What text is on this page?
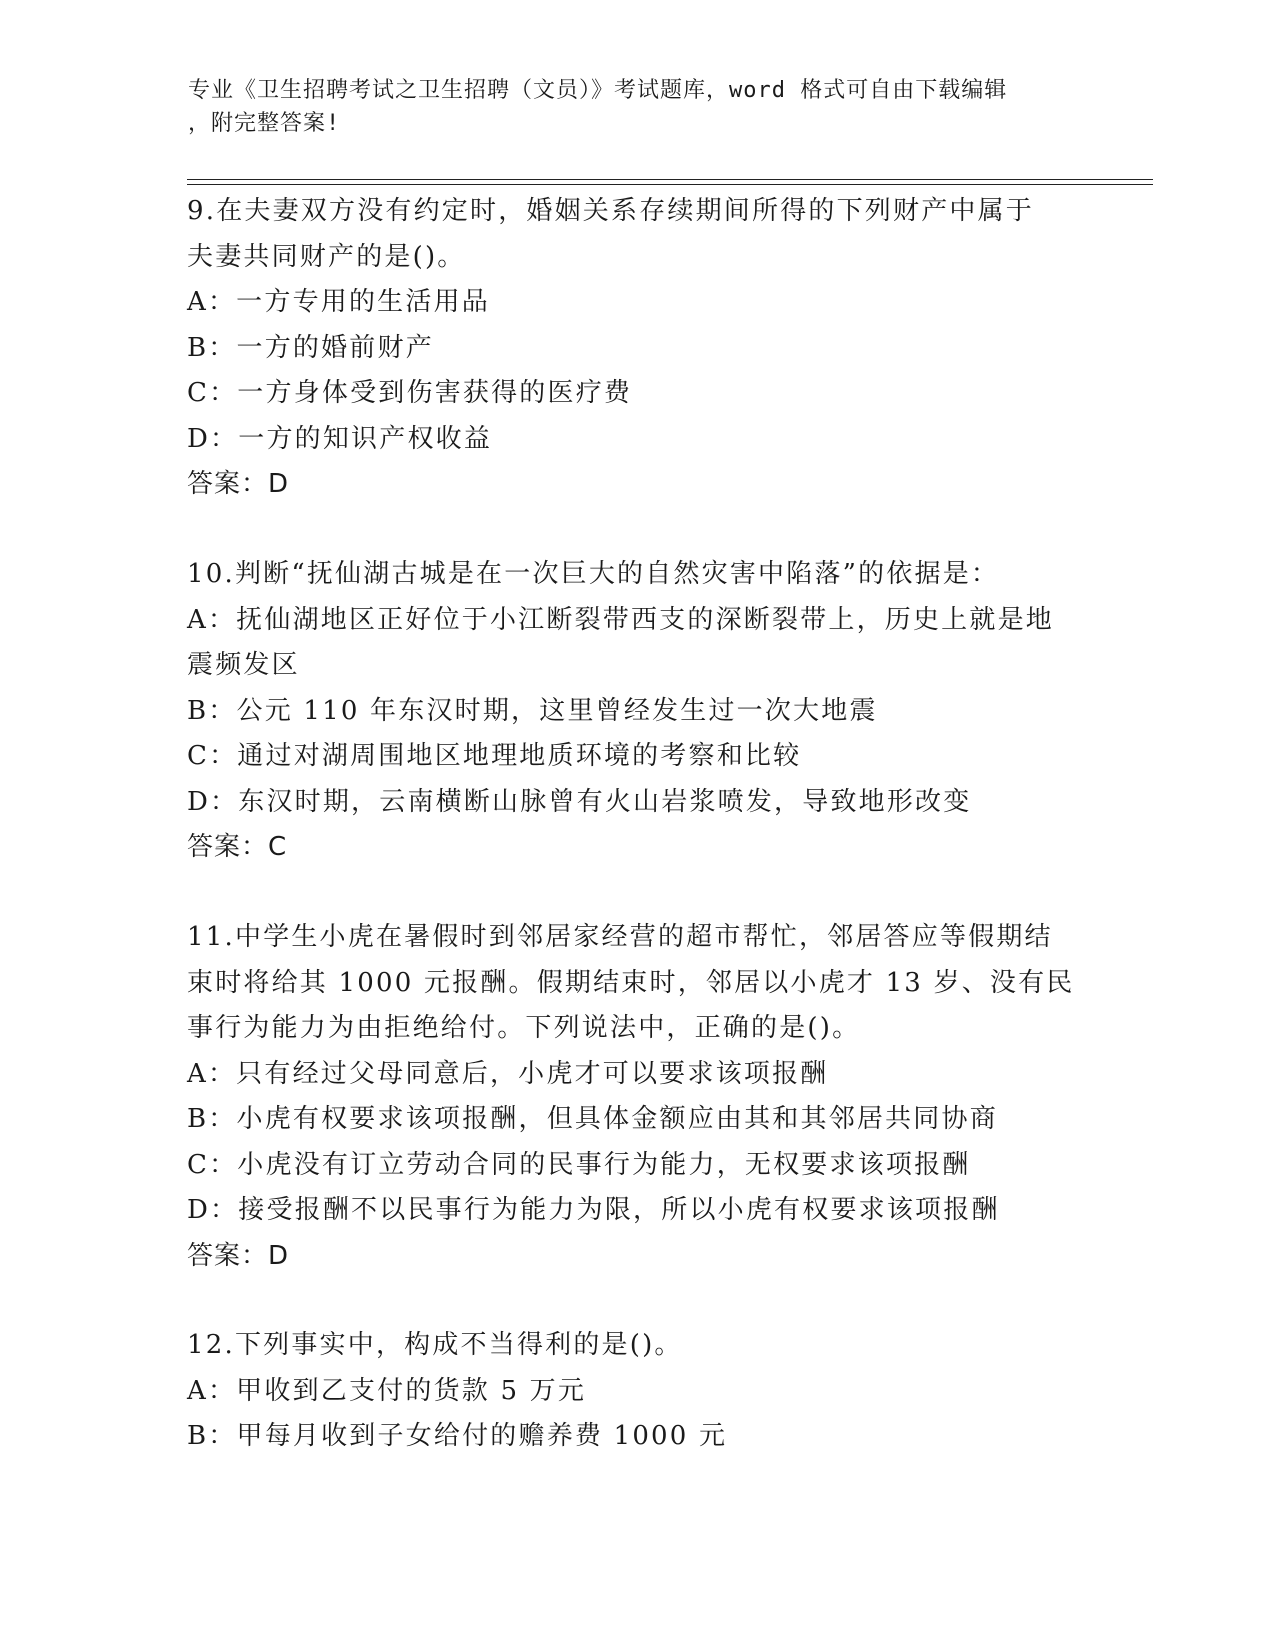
专业《卫生招聘考试之卫生招聘（文员）》考试题库，word 格式可自由下载编辑
，附完整答案!
9.在夫妻双方没有约定时，婚姻关系存续期间所得的下列财产中属于
夫妻共同财产的是()。
A：一方专用的生活用品
B：一方的婚前财产
C：一方身体受到伤害获得的医疗费
D：一方的知识产权收益
答案：D
10.判断“抚仙湖古城是在一次巨大的自然灾害中陷落”的依据是：
A：抚仙湖地区正好位于小江断裂带西支的深断裂带上，历史上就是地
震频发区
B：公元 110 年东汉时期，这里曾经发生过一次大地震
C：通过对湖周围地区地理地质环境的考察和比较
D：东汉时期，云南横断山脉曾有火山岩浆喷发，导致地形改变
答案：C
11.中学生小虎在暑假时到邻居家经营的超市帮忙，邻居答应等假期结
束时将给其 1000 元报酬。假期结束时，邻居以小虎才 13 岁、没有民
事行为能力为由拒绝给付。下列说法中，正确的是()。
A：只有经过父母同意后，小虎才可以要求该项报酬
B：小虎有权要求该项报酬，但具体金额应由其和其邻居共同协商
C：小虎没有订立劳动合同的民事行为能力，无权要求该项报酬
D：接受报酬不以民事行为能力为限，所以小虎有权要求该项报酬
答案：D
12.下列事实中，构成不当得利的是()。
A：甲收到乙支付的货款 5 万元
B：甲每月收到子女给付的赡养费 1000 元
